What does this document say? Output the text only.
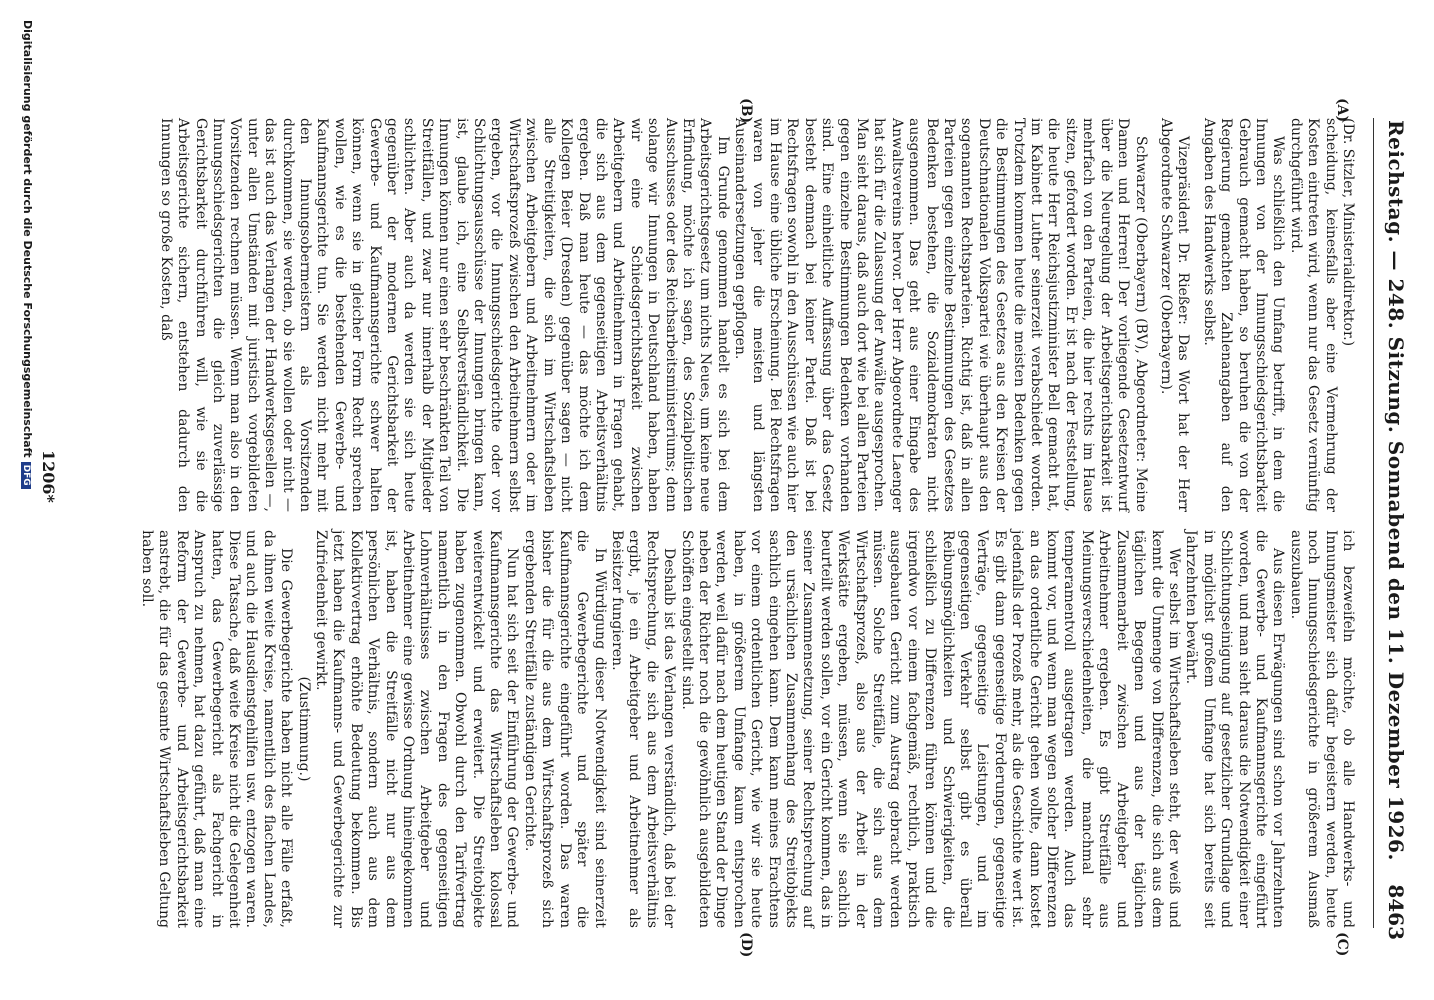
Reichstag. — 248. Sitzung. Sonnabend den 11. Dezember 1926.
8463
(A)
(B)
(C)
(D)

(Dr. Sitzler, Ministerialdirektor.)

scheidung, keinesfalls aber eine Vermehrung der Kosten eintreten wird, wenn nur das Gesetz vernünftig durchgeführt wird.

Was schließlich den Umfang betrifft, in dem die Innungen von der Innungsschiedsgerichtsbarkeit Gebrauch gemacht haben, so beruhen die von der Regierung gemachten Zahlenangaben auf den Angaben des Handwerks selbst.

Vizepräsident Dr. Rießer: Das Wort hat der Herr Abgeordnete Schwarzer (Oberbayern).

Schwarzer (Oberbayern) (BV), Abgeordneter: Meine Damen und Herren! Der vorliegende Gesetzentwurf über die Neuregelung der Arbeitsgerichtsbarkeit ist mehrfach von den Parteien, die hier rechts im Hause sitzen, gefordert worden. Er ist nach der Feststellung, die heute Herr Reichsjustizminister Bell gemacht hat, im Kabinett Luther seinerzeit verabschiedet worden. Trotzdem kommen heute die meisten Bedenken gegen die Bestimmungen des Gesetzes aus den Kreisen der Deutschnationalen Volkspartei wie überhaupt aus den sogenannten Rechtsparteien. Richtig ist, daß in allen Parteien gegen einzelne Bestimmungen des Gesetzes Bedenken bestehen, die Sozialdemokraten nicht ausgenommen. Das geht aus einer Eingabe des Anwaltsvereins hervor. Der Herr Abgeordnete Laenger hat sich für die Zulassung der Anwälte ausgesprochen. Man sieht daraus, daß auch dort wie bei allen Parteien gegen einzelne Bestimmungen Bedenken vorhanden sind. Eine einheitliche Auffassung über das Gesetz besteht demnach bei keiner Partei. Daß ist bei Rechtsfragen sowohl in den Ausschüssen wie auch hier im Hause eine übliche Erscheinung. Bei Rechtsfragen waren von jeher die meisten und längsten Auseinandersetzungen gepflogen.

Im Grunde genommen handelt es sich bei dem Arbeitsgerichtsgesetz um nichts Neues, um keine neue Erfindung, möchte ich sagen, des Sozialpolitischen Ausschusses oder des Reichsarbeitsministeriums; denn solange wir Innungen in Deutschland haben, haben wir eine Schiedsgerichtsbarkeit zwischen Arbeitgebern und Arbeitnehmern in Fragen gehabt, die sich aus dem gegenseitigen Arbeitsverhältnis ergeben. Daß man heute — das möchte ich dem Kollegen Beier (Dresden) gegenüber sagen — nicht alle Streitigkeiten, die sich im Wirtschaftsleben zwischen Arbeitgebern und Arbeitnehmern oder im Wirtschaftsprozeß zwischen den Arbeitnehmern selbst ergeben, vor die Innungsschiedsgerichte oder vor Schlichtungsausschüsse der Innungen bringen kann, ist, glaube ich, eine Selbstverständlichkeit. Die Innungen können nur einen sehr beschränkten Teil von Streitfällen, und zwar nur innerhalb der Mitglieder schlichten. Aber auch da werden sie sich heute gegenüber der modernen Gerichtsbarkeit der Gewerbe- und Kaufmannsgerichte schwer halten können, wenn sie in gleicher Form Recht sprechen wollen, wie es die bestehenden Gewerbe- und Kaufmannsgerichte tun. Sie werden nicht mehr mit den Innungsobermeistern als Vorsitzenden durchkommen, sie werden, ob sie wollen oder nicht — das ist auch das Verlangen der Handwerksgesellen —, unter allen Umständen mit juristisch vorgebildeten Vorsitzenden rechnen müssen. Wenn man also in den Innungsschiedsgerichten die gleich zuverlässige Gerichtsbarkeit durchführen will, wie sie die Arbeitsgerichte sichern, entstehen dadurch den Innungen so große Kosten, daß

ich bezweifeln möchte, ob alle Handwerks- und Innungsmeister sich dafür begeistern werden, heute noch Innungsschiedsgerichte in größerem Ausmaß auszubauen.

Aus diesen Erwägungen sind schon vor Jahrzehnten die Gewerbe- und Kaufmannsgerichte eingeführt worden, und man sieht daraus die Notwendigkeit einer Schlichtungseinigung auf gesetzlicher Grundlage und in möglichst großem Umfange hat sich bereits seit Jahrzehnten bewährt.

Wer selbst im Wirtschaftsleben steht, der weiß und kennt die Unmenge von Differenzen, die sich aus dem täglichen Begegnen und aus der täglichen Zusammenarbeit zwischen Arbeitgeber und Arbeitnehmer ergeben. Es gibt Streitfälle aus Meinungsverschiedenheiten, die manchmal sehr temperamentvoll ausgetragen werden. Auch das kommt vor, und wenn man wegen solcher Differenzen an das ordentliche Gericht gehen wollte, dann kostet jedenfalls der Prozeß mehr, als die Geschichte wert ist. Es gibt dann gegenseitige Forderungen, gegenseitige Verträge, gegenseitige Leistungen, und im gegenseitigen Verkehr selbst gibt es überall Reibungsmöglichkeiten und Schwierigkeiten, die schließlich zu Differenzen führen können und die irgendwo vor einem fachgemäß, rechtlich, praktisch ausgebauten Gericht zum Austrag gebracht werden müssen. Solche Streitfälle, die sich aus dem Wirtschaftsprozeß, also aus der Arbeit in der Werkstätte ergeben, müssen, wenn sie sachlich beurteilt werden sollen, vor ein Gericht kommen, das in seiner Zusammensetzung, seiner Rechtsprechung auf den ursächlichen Zusammenhang des Streitobjekts sachlich eingehen kann. Dem kann meines Erachtens vor einem ordentlichen Gericht, wie wir sie heute haben, in größerem Umfange kaum entsprochen werden, weil dafür nach dem heutigen Stand der Dinge neben der Richter noch die gewöhnlich ausgebildeten Schöffen eingestellt sind.

Deshalb ist das Verlangen verständlich, daß bei der Rechtsprechung, die sich aus dem Arbeitsverhältnis ergibt, je ein Arbeitgeber und Arbeitnehmer als Beisitzer fungieren.

In Würdigung dieser Notwendigkeit sind seinerzeit die Gewerbegerichte und später die Kaufmannsgerichte eingeführt worden. Das waren bisher die für die aus dem Wirtschaftsprozeß sich ergebenden Streitfälle zuständigen Gerichte.

Nun hat sich seit der Einführung der Gewerbe- und Kaufmannsgerichte das Wirtschaftsleben kolossal weiterentwickelt und erweitert. Die Streitobjekte haben zugenommen. Obwohl durch den Tarifvertrag namentlich in den Fragen des gegenseitigen Lohnverhältnisses zwischen Arbeitgeber und Arbeitnehmer eine gewisse Ordnung hineingekommen ist, haben die Streitfälle nicht nur aus dem persönlichen Verhältnis, sondern auch aus dem Kollektivvertrag erhöhte Bedeutung bekommen. Bis jetzt haben die Kaufmanns- und Gewerbegerichte zur Zufriedenheit gewirkt.

(Zustimmung.)

Die Gewerbegerichte haben nicht alle Fälle erfaßt, da ihnen weite Kreise, namentlich des flachen Landes, und auch die Hausdienstgehilfen usw. entzogen waren. Diese Tatsache, daß weite Kreise nicht die Gelegenheit hatten, das Gewerbegericht als Fachgericht in Anspruch zu nehmen, hat dazu geführt, daß man eine Reform der Gewerbe- und Arbeitsgerichtsbarkeit anstrebt, die für das gesamte Wirtschaftsleben Geltung haben soll.

1206*
Digitalisierung gefördert durch die Deutsche ForschungsgemeinschaftDFG
